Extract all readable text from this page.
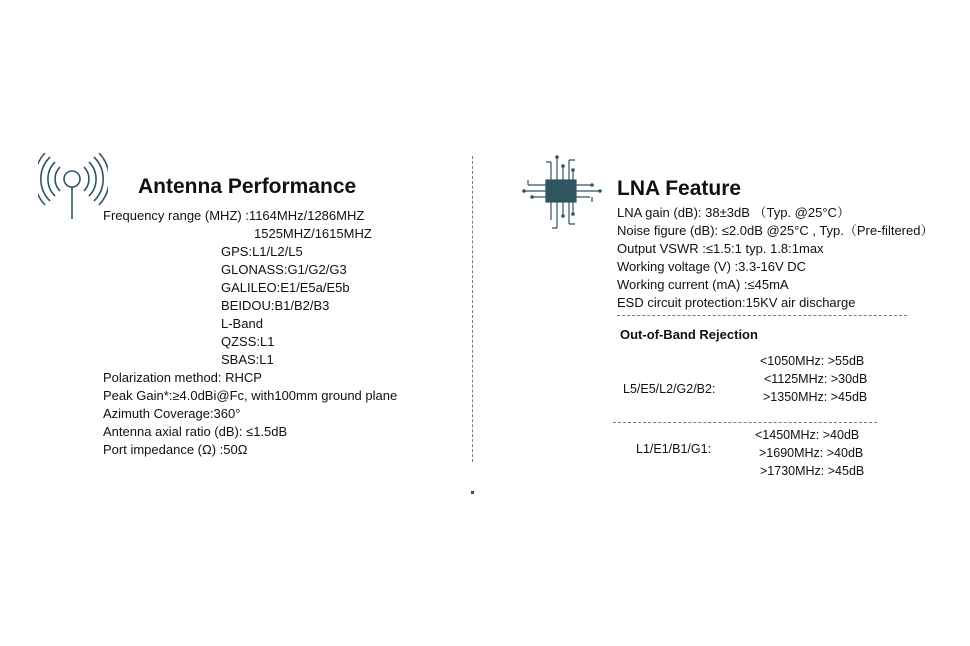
Antenna Performance
Frequency range (MHZ) :1164MHz/1286MHZ
1525MHZ/1615MHZ
GPS:L1/L2/L5
GLONASS:G1/G2/G3
GALILEO:E1/E5a/E5b
BEIDOU:B1/B2/B3
L-Band
QZSS:L1
SBAS:L1
Polarization method: RHCP
Peak Gain*:≥4.0dBi@Fc, with100mm ground plane
Azimuth Coverage:360°
Antenna axial ratio (dB): ≤1.5dB
Port impedance (Ω) :50Ω
LNA Feature
LNA gain (dB): 38±3dB （Typ. @25°C）
Noise figure (dB): ≤2.0dB @25°C , Typ.（Pre-filtered）
Output VSWR :≤1.5:1 typ. 1.8:1max
Working voltage (V) :3.3-16V DC
Working current (mA) :≤45mA
ESD circuit protection:15KV air discharge
Out-of-Band Rejection
L5/E5/L2/G2/B2:
<1050MHz: >55dB
<1125MHz: >30dB
>1350MHz: >45dB
L1/E1/B1/G1:
<1450MHz: >40dB
>1690MHz: >40dB
>1730MHz: >45dB
